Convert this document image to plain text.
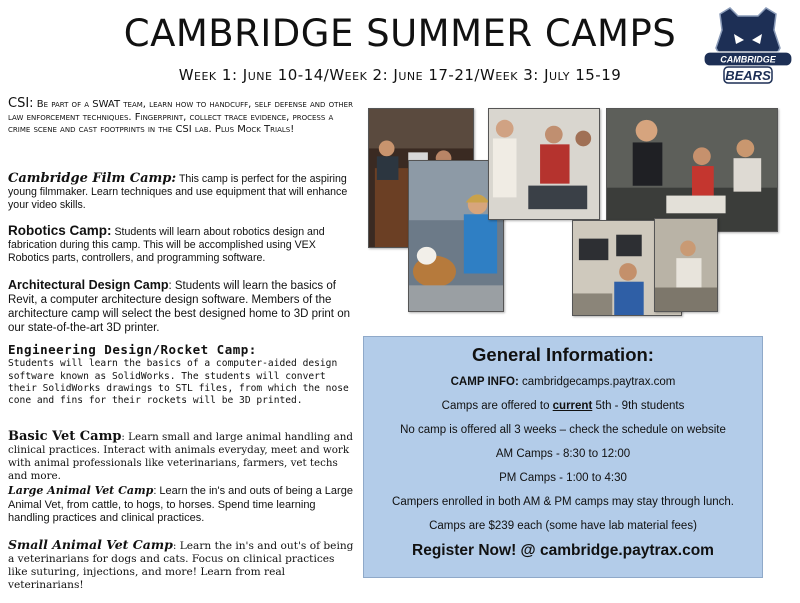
CAMBRIDGE SUMMER CAMPS
Week 1: June 10-14/Week 2: June 17-21/Week 3: July 15-19
CAMBRIDGE
BEARS
CSI: Be part of a SWAT team, learn how to handcuff, self defense and other law enforcement techniques. Fingerprint, collect trace evidence, process a crime scene and cast footprints in the CSI lab. Plus Mock Trials!
Cambridge Film Camp: This camp is perfect for the aspiring young filmmaker. Learn techniques and use equipment that will enhance your video skills.
Robotics Camp: Students will learn about robotics design and fabrication during this camp. This will be accomplished using VEX Robotics parts, controllers, and programming software.
Architectural Design Camp: Students will learn the basics of Revit, a computer architecture design software. Members of the architecture camp will select the best designed home to 3D print on our state-of-the-art 3D printer.
Engineering Design/Rocket Camp:
Students will learn the basics of a computer-aided design software known as SolidWorks. The students will convert their SolidWorks drawings to STL files, from which the nose cone and fins for their rockets will be 3D printed.
Basic Vet Camp: Learn small and large animal handling and clinical practices. Interact with animals everyday, meet and work with animal professionals like veterinarians, farmers, vet techs and more.
Large Animal Vet Camp: Learn the in's and outs of being a Large Animal Vet, from cattle, to hogs, to horses. Spend time learning handling practices and clinical practices.
Small Animal Vet Camp: Learn the in's and out's of being a veterinarians for dogs and cats. Focus on clinical practices like suturing, injections, and more! Learn from real veterinarians!
General Information:
CAMP INFO: cambridgecamps.paytrax.com
Camps are offered to current 5th - 9th students
No camp is offered all 3 weeks – check the schedule on website
AM Camps - 8:30 to 12:00
PM Camps - 1:00 to 4:30
Campers enrolled in both AM & PM camps may stay through lunch.
Camps are $239 each (some have lab material fees)
Register Now! @ cambridge.paytrax.com
